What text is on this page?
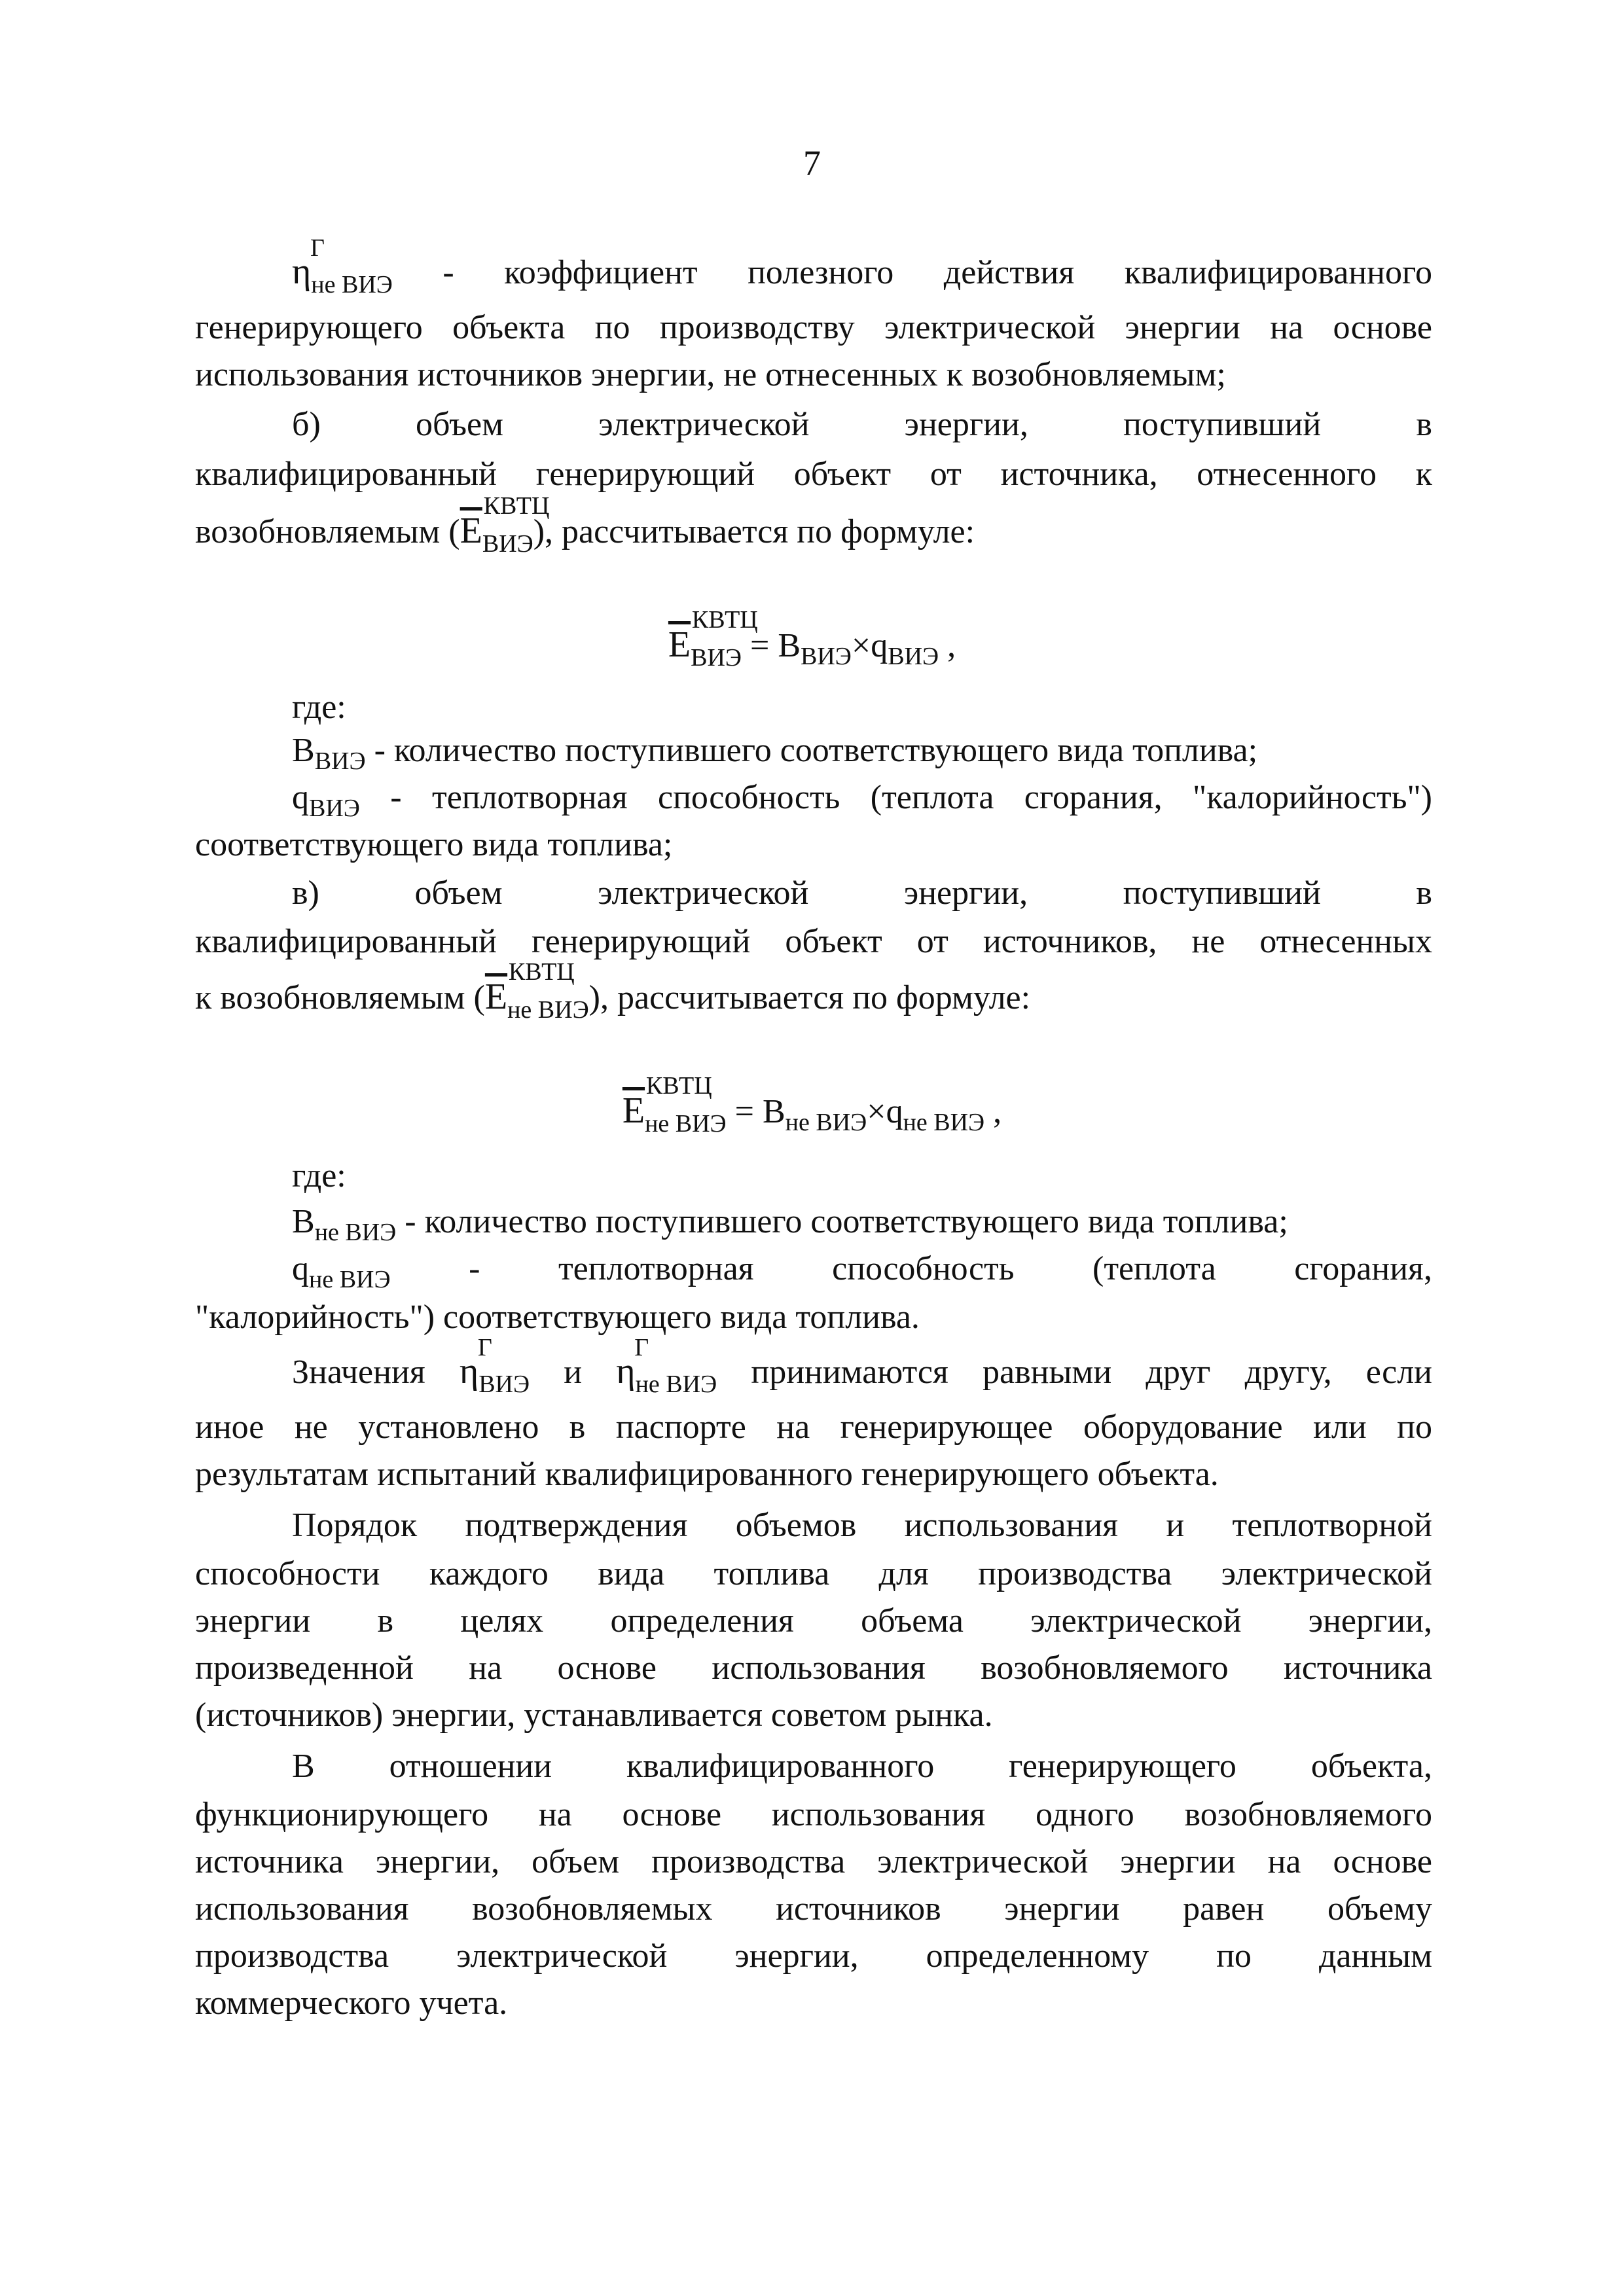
7
η
Г
$_{не ВИЭ}$ - коэффициент полезного действия квалифицированного
генерирующего объекта по производству электрической энергии на основе
использования источников энергии, не отнесенных к возобновляемым;
б)	объем	электрической	энергии,	поступивший	в
квалифицированный генерирующий объект от источника, отнесенного к
возобновляемым ($\overline{E}$
КВТЦ
$_{ВИЭ}$), рассчитывается по формуле:
$\overline{E}$
КВТЦ
$_{ВИЭ} = B_{ВИЭ}\times q_{ВИЭ}$ ,
где:
$B_{ВИЭ}$ - количество поступившего соответствующего вида топлива;
$q_{ВИЭ}$ - теплотворная способность (теплота сгорания, "калорийность")
соответствующего вида топлива;
в)	объем	электрической	энергии,	поступивший	в
квалифицированный генерирующий объект от источников, не отнесенных
к возобновляемым ($\overline{E}$
КВТЦ
$_{не ВИЭ}$), рассчитывается по формуле:
$\overline{E}$
КВТЦ
$_{не ВИЭ} = B_{не ВИЭ}\times q_{не ВИЭ}$ ,
где:
$B_{не ВИЭ}$ - количество поступившего соответствующего вида топлива;
$q_{не ВИЭ}$ - теплотворная способность (теплота сгорания,
"калорийность") соответствующего вида топлива.
Значения η
Г
$_{ВИЭ}$ и η
Г
$_{не ВИЭ}$ принимаются равными друг другу, если
иное не установлено в паспорте на генерирующее оборудование или по
результатам испытаний квалифицированного генерирующего объекта.
Порядок подтверждения объемов использования и теплотворной
способности каждого вида топлива для производства электрической
энергии в целях определения объема электрической энергии,
произведенной на основе использования возобновляемого источника
(источников) энергии, устанавливается советом рынка.
В отношении квалифицированного генерирующего объекта,
функционирующего на основе использования одного возобновляемого
источника энергии, объем производства электрической энергии на основе
использования возобновляемых источников энергии равен объему
производства электрической энергии, определенному по данным
коммерческого учета.
